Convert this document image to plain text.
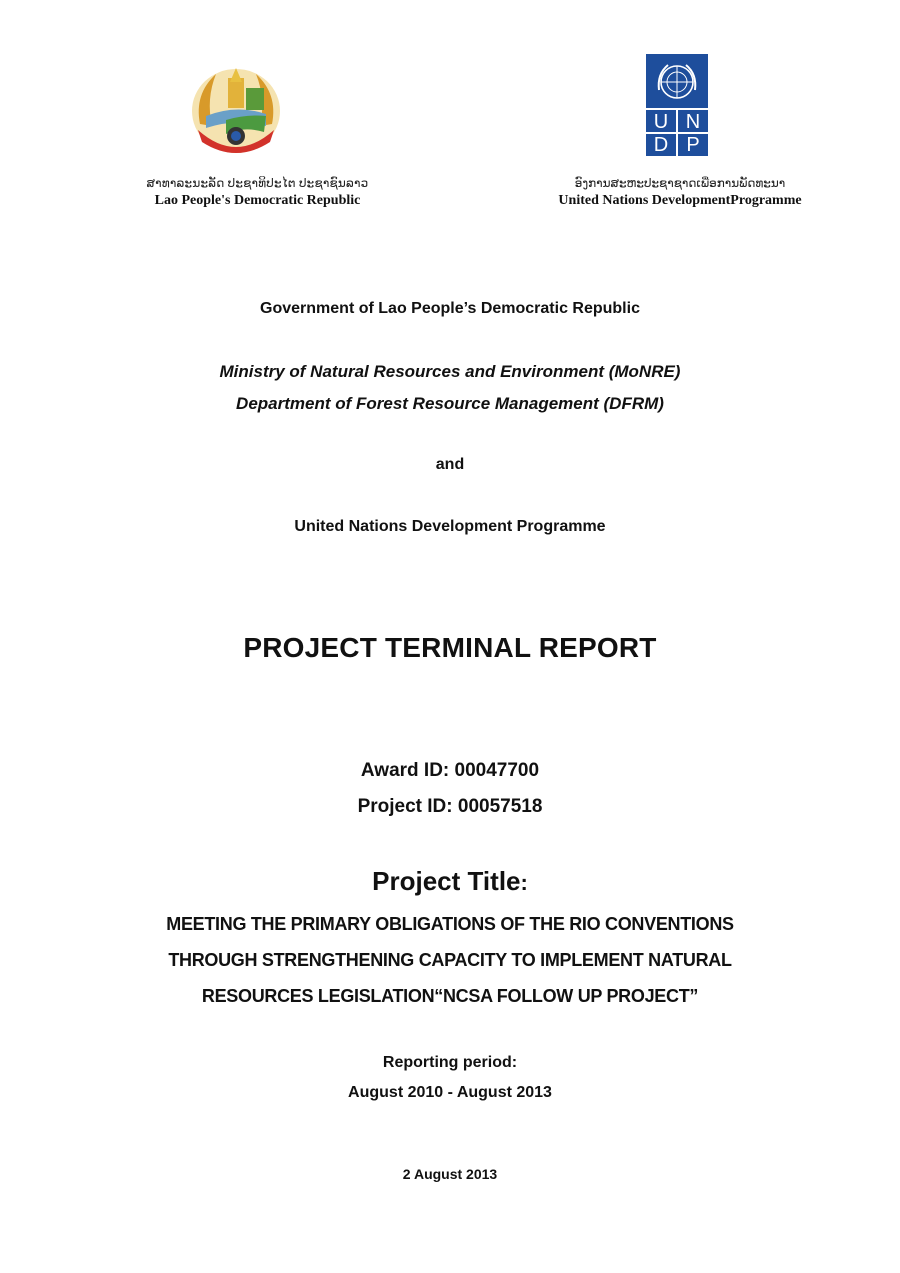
ສາທາລະນະລັດ ປະຊາທິປະໄຕ ປະຊາຊົນລາວ
Lao People's Democratic Republic
U N
D P
ອົງການສະຫະປະຊາຊາດເພື່ອການພັດທະນາ
United Nations DevelopmentProgramme
Government of Lao People’s Democratic Republic
Ministry of Natural Resources and Environment (MoNRE)
Department of Forest Resource Management (DFRM)
and
United Nations Development Programme
PROJECT TERMINAL REPORT
Award ID: 00047700
Project ID: 00057518
Project Title:
MEETING THE PRIMARY OBLIGATIONS OF THE RIO CONVENTIONS
THROUGH STRENGTHENING CAPACITY TO IMPLEMENT NATURAL
RESOURCES LEGISLATION“NCSA FOLLOW UP PROJECT”
Reporting period:
August 2010 - August 2013
2 August 2013
